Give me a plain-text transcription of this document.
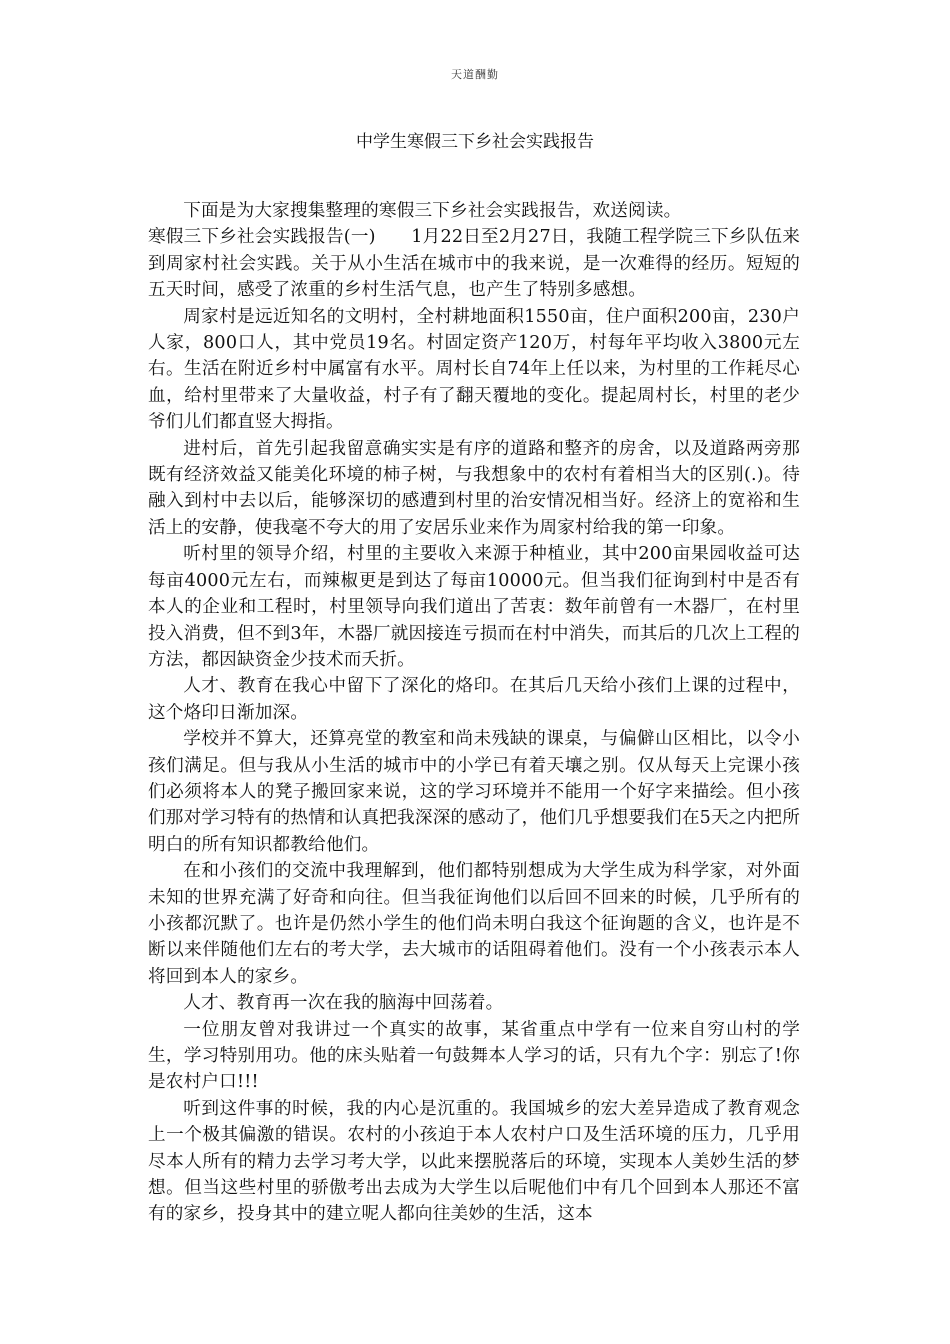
天道酬勤
中学生寒假三下乡社会实践报告

下面是为大家搜集整理的寒假三下乡社会实践报告，欢送阅读。

寒假三下乡社会实践报告(一)　　1月22日至2月27日，我随工程学院三下乡队伍来到周家村社会实践。关于从小生活在城市中的我来说，是一次难得的经历。短短的五天时间，感受了浓重的乡村生活气息，也产生了特别多感想。

周家村是远近知名的文明村，全村耕地面积1550亩，住户面积200亩，230户人家，800口人，其中党员19名。村固定资产120万，村每年平均收入3800元左右。生活在附近乡村中属富有水平。周村长自74年上任以来，为村里的工作耗尽心血，给村里带来了大量收益，村子有了翻天覆地的变化。提起周村长，村里的老少爷们儿们都直竖大拇指。

进村后，首先引起我留意确实实是有序的道路和整齐的房舍，以及道路两旁那既有经济效益又能美化环境的柿子树，与我想象中的农村有着相当大的区别(.)。待融入到村中去以后，能够深切的感遭到村里的治安情况相当好。经济上的宽裕和生活上的安静，使我毫不夸大的用了安居乐业来作为周家村给我的第一印象。

听村里的领导介绍，村里的主要收入来源于种植业，其中200亩果园收益可达每亩4000元左右，而辣椒更是到达了每亩10000元。但当我们征询到村中是否有本人的企业和工程时，村里领导向我们道出了苦衷：数年前曾有一木器厂，在村里投入消费，但不到3年，木器厂就因接连亏损而在村中消失，而其后的几次上工程的方法，都因缺资金少技术而夭折。

人才、教育在我心中留下了深化的烙印。在其后几天给小孩们上课的过程中，这个烙印日渐加深。

学校并不算大，还算亮堂的教室和尚未残缺的课桌，与偏僻山区相比，以令小孩们满足。但与我从小生活的城市中的小学已有着天壤之别。仅从每天上完课小孩们必须将本人的凳子搬回家来说，这的学习环境并不能用一个好字来描绘。但小孩们那对学习特有的热情和认真把我深深的感动了，他们几乎想要我们在5天之内把所明白的所有知识都教给他们。

在和小孩们的交流中我理解到，他们都特别想成为大学生成为科学家，对外面未知的世界充满了好奇和向往。但当我征询他们以后回不回来的时候，几乎所有的小孩都沉默了。也许是仍然小学生的他们尚未明白我这个征询题的含义，也许是不断以来伴随他们左右的考大学，去大城市的话阻碍着他们。没有一个小孩表示本人将回到本人的家乡。

人才、教育再一次在我的脑海中回荡着。

一位朋友曾对我讲过一个真实的故事，某省重点中学有一位来自穷山村的学生，学习特别用功。他的床头贴着一句鼓舞本人学习的话，只有九个字：别忘了!你是农村户口!!!

听到这件事的时候，我的内心是沉重的。我国城乡的宏大差异造成了教育观念上一个极其偏激的错误。农村的小孩迫于本人农村户口及生活环境的压力，几乎用尽本人所有的精力去学习考大学，以此来摆脱落后的环境，实现本人美妙生活的梦想。但当这些村里的骄傲考出去成为大学生以后呢他们中有几个回到本人那还不富有的家乡，投身其中的建立呢人都向往美妙的生活，这本
